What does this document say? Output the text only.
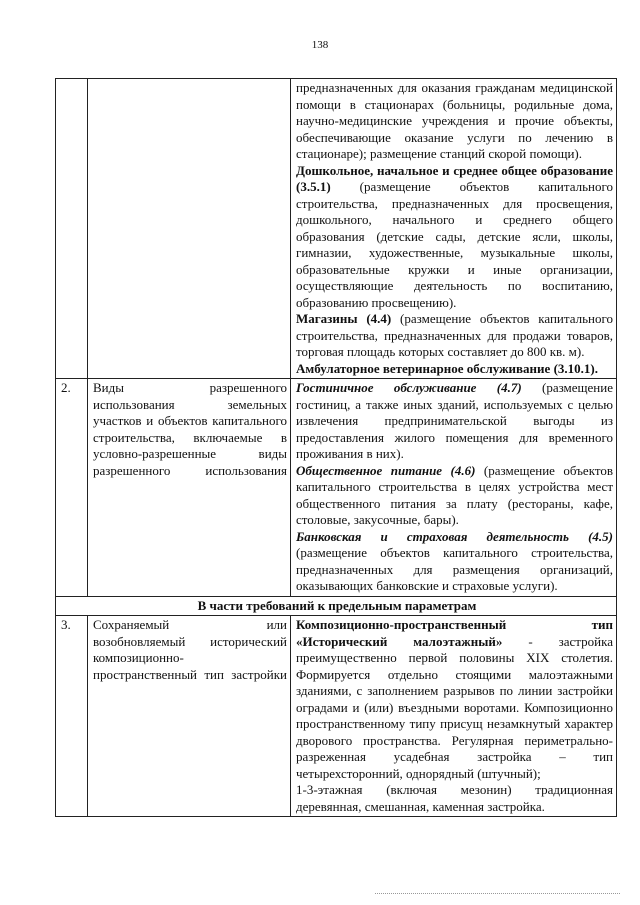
138

		предназначенных для оказания гражданам медицинской помощи в стационарах (больницы, родильные дома, научно-медицинские учреждения и прочие объекты, обеспечивающие оказание услуги по лечению в стационаре); размещение станций скорой помощи).

Дошкольное, начальное и среднее общее образование (3.5.1) (размещение объектов капитального строительства, предназначенных для просвещения, дошкольного, начального и среднего общего образования (детские сады, детские ясли, школы, гимназии, художественные, музыкальные школы, образовательные кружки и иные организации, осуществляющие деятельность по воспитанию, образованию просвещению).

Магазины (4.4) (размещение объектов капитального строительства, предназначенных для продажи товаров, торговая площадь которых составляет до 800 кв. м).

Амбулаторное ветеринарное обслуживание (3.10.1).

2.	Виды разрешенного использования земельных участков и объектов капитального строительства, включаемые в условно-разрешенные виды разрешенного использования	Гостиничное обслуживание (4.7) (размещение гостиниц, а также иных зданий, используемых с целью извлечения предпринимательской выгоды из предоставления жилого помещения для временного проживания в них).

Общественное питание (4.6) (размещение объектов капитального строительства в целях устройства мест общественного питания за плату (рестораны, кафе, столовые, закусочные, бары).

Банковская и страховая деятельность (4.5) (размещение объектов капитального строительства, предназначенных для размещения организаций, оказывающих банковские и страховые услуги).

В части требований к предельным параметрам		
3.	Сохраняемый или возобновляемый исторический композиционно-пространственный тип застройки	Композиционно-пространственный тип «Исторический малоэтажный» - застройка преимущественно первой половины XIX столетия. Формируется отдельно стоящими малоэтажными зданиями, с заполнением разрывов по линии застройки оградами и (или) въездными воротами. Композиционно пространственному типу присущ незамкнутый характер дворового пространства. Регулярная периметрально-разреженная усадебная застройка – тип четырехсторонний, однорядный (штучный);

1-3-этажная (включая мезонин) традиционная деревянная, смешанная, каменная застройка.
